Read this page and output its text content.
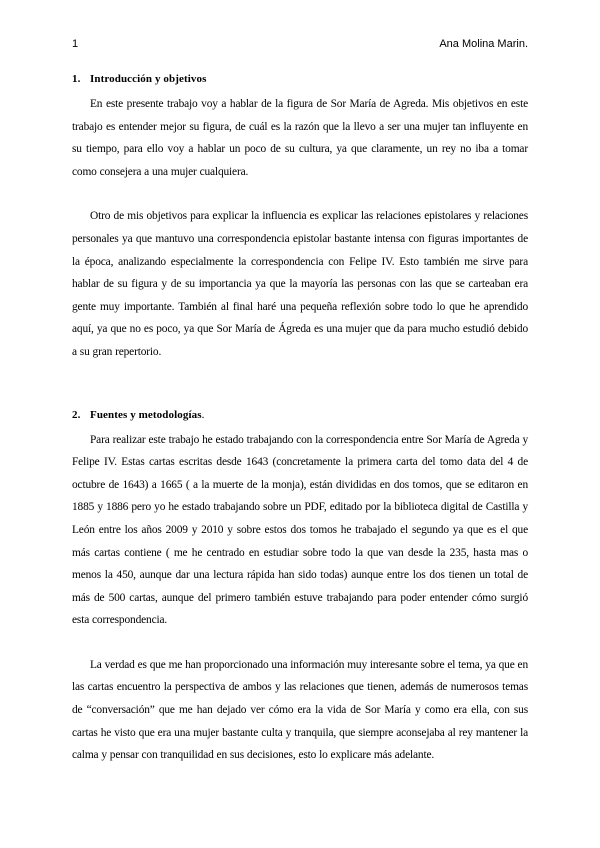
1	Ana Molina Marin.
1. Introducción y objetivos

En este presente trabajo voy a hablar de la figura de Sor María de Agreda. Mis objetivos en este trabajo es entender mejor su figura, de cuál es la razón que la llevo a ser una mujer tan influyente en su tiempo, para ello voy a hablar un poco de su cultura, ya que claramente, un rey no iba a tomar como consejera a una mujer cualquiera.

Otro de mis objetivos para explicar la influencia es explicar las relaciones epistolares y relaciones personales ya que mantuvo una correspondencia epistolar bastante intensa con figuras importantes de la época, analizando especialmente la correspondencia con Felipe IV. Esto también me sirve para hablar de su figura y de su importancia ya que la mayoría las personas con las que se carteaban era gente muy importante. También al final haré una pequeña reflexión sobre todo lo que he aprendido aquí, ya que no es poco, ya que Sor María de Ágreda es una mujer que da para mucho estudió debido a su gran repertorio.

2. Fuentes y metodologías.

Para realizar este trabajo he estado trabajando con la correspondencia entre Sor María de Agreda y Felipe IV. Estas cartas escritas desde 1643 (concretamente la primera carta del tomo data del 4 de octubre de 1643) a 1665 ( a la muerte de la monja), están divididas en dos tomos, que se editaron en 1885 y 1886 pero yo he estado trabajando sobre un PDF, editado por la biblioteca digital de Castilla y León entre los años 2009 y 2010 y sobre estos dos tomos he trabajado el segundo ya que es el que más cartas contiene ( me he centrado en estudiar sobre todo la que van desde la 235, hasta mas o menos la 450, aunque dar una lectura rápida han sido todas) aunque entre los dos tienen un total de más de 500 cartas, aunque del primero también estuve trabajando para poder entender cómo surgió esta correspondencia.

La verdad es que me han proporcionado una información muy interesante sobre el tema, ya que en las cartas encuentro la perspectiva de ambos y las relaciones que tienen, además de numerosos temas de “conversación” que me han dejado ver cómo era la vida de Sor María y como era ella, con sus cartas he visto que era una mujer bastante culta y tranquila, que siempre aconsejaba al rey mantener la calma y pensar con tranquilidad en sus decisiones, esto lo explicare más adelante.
